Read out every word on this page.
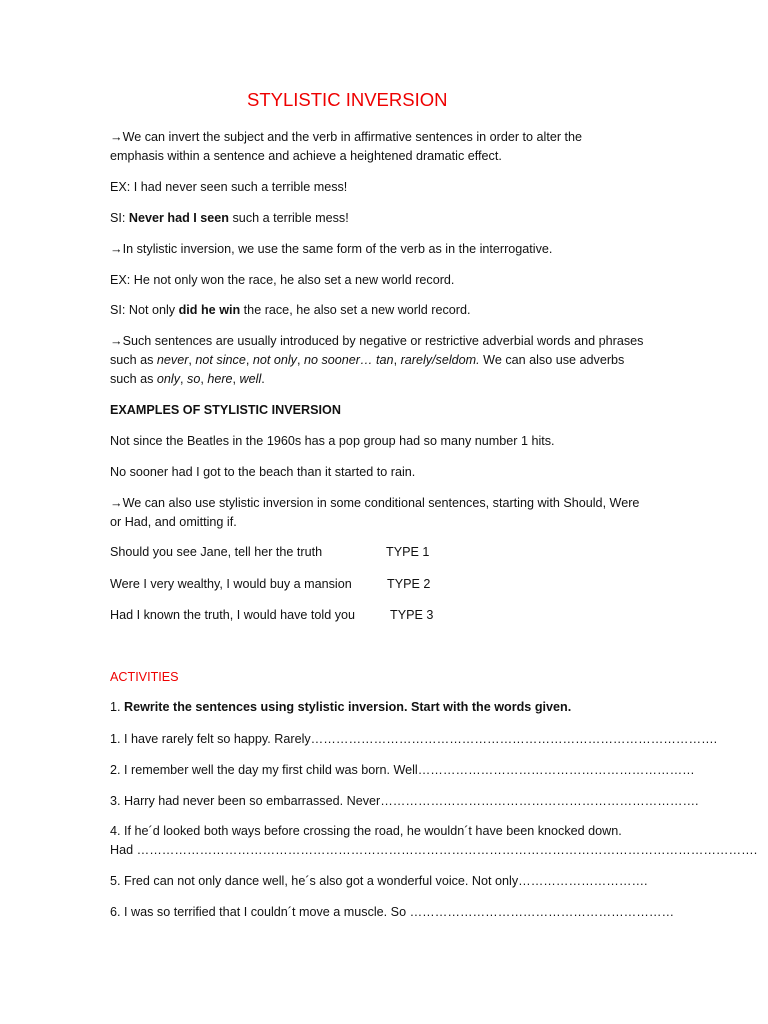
STYLISTIC INVERSION

→We can invert the subject and the verb in affirmative sentences in order to alter the

emphasis within a sentence and achieve a heightened dramatic effect.

EX: I had never seen such a terrible mess!

SI: Never had I seen such a terrible mess!

→In stylistic inversion, we use the same form of the verb as in the interrogative.

EX: He not only won the race, he also set a new world record.

SI: Not only did he win the race, he also set a new world record.

→Such sentences are usually introduced by negative or restrictive adverbial words and phrases

such as never, not since, not only, no sooner… tan, rarely/seldom. We can also use adverbs

such as only, so, here, well.

EXAMPLES OF STYLISTIC INVERSION

Not since the Beatles in the 1960s has a pop group had so many number 1 hits.

No sooner had I got to the beach than it started to rain.

→We can also use stylistic inversion in some conditional sentences, starting with Should, Were

or Had, and omitting if.

Should you see Jane, tell her the truth	TYPE 1

Were I very wealthy, I would buy a mansion	TYPE 2

Had I known the truth, I would have told you	TYPE 3

ACTIVITIES

1. Rewrite the sentences using stylistic inversion. Start with the words given.

1. I have rarely felt so happy. Rarely…………………………………………………………………………………….

2. I remember well the day my first child was born. Well…………………………………………………………

3. Harry had never been so embarrassed. Never………………………………………………………………….

4. If he´d looked both ways before crossing the road, he wouldn´t have been knocked down.

Had ………………………………………………………………………………………………………………………………….

5. Fred can not only dance well, he´s also got a wonderful voice. Not only………………………….

6. I was so terrified that I couldn´t move a muscle. So ………………………………………………………
